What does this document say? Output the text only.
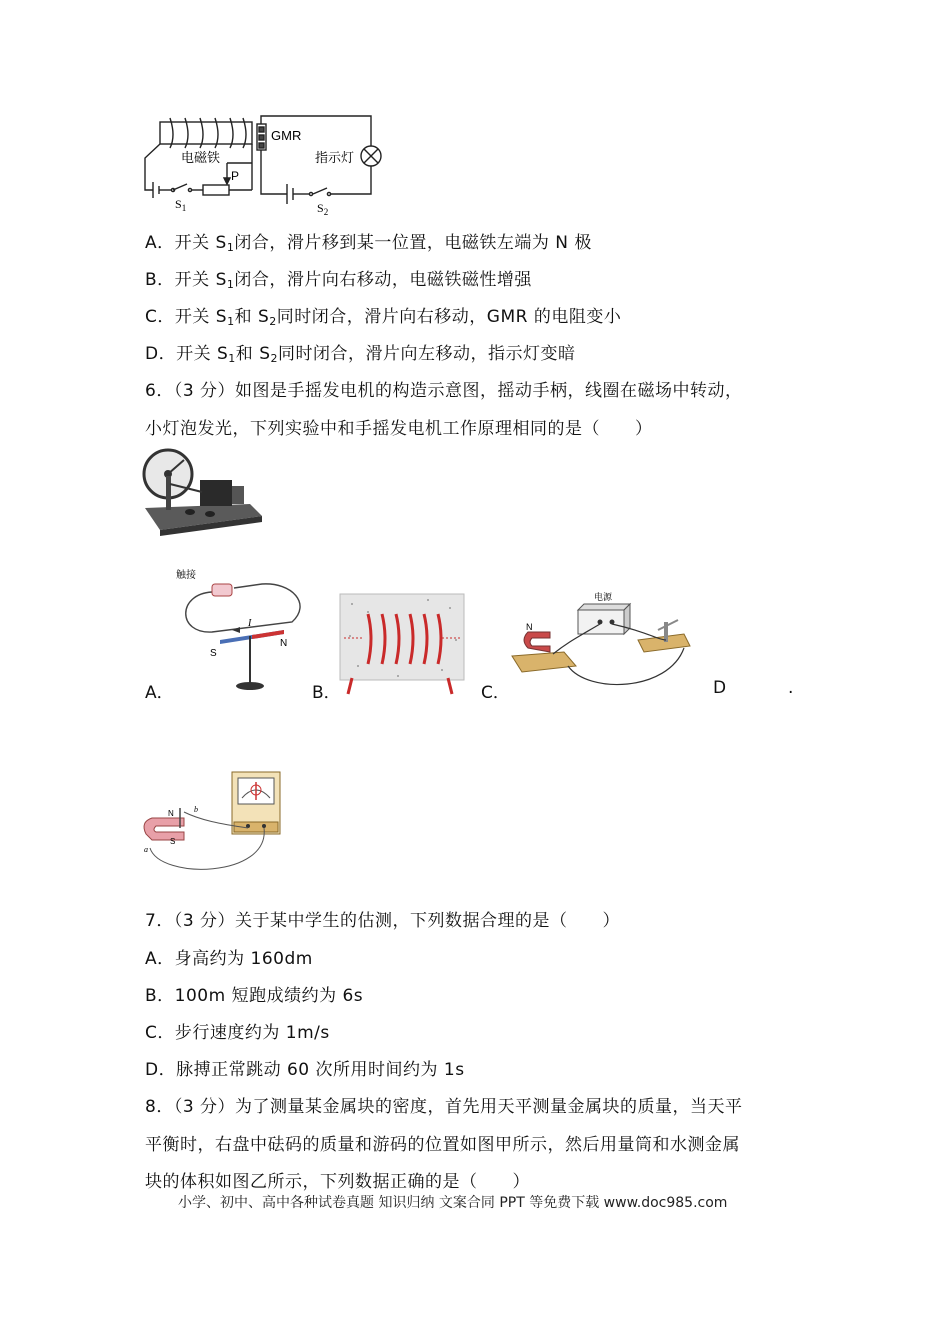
GMR
电磁铁	指示灯
P
$S_1$	$S_2$
A．开关 $S_1$闭合，滑片移到某一位置，电磁铁左端为 N 极
B．开关 $S_1$闭合，滑片向右移动，电磁铁磁性增强
C．开关 $S_1$和 $S_2$同时闭合，滑片向右移动，GMR 的电阻变小
D．开关 $S_1$和 $S_2$同时闭合，滑片向左移动，指示灯变暗
6．（3 分）如图是手摇发电机的构造示意图，摇动手柄，线圈在磁场中转动，
小灯泡发光，下列实验中和手摇发电机工作原理相同的是（　　）
触接
I
S
N
电源
N
A．	B．	C．	D	.
N
S
b
a
7．（3 分）关于某中学生的估测，下列数据合理的是（　　）
A．身高约为 160dm
B．100m 短跑成绩约为 6s
C．步行速度约为 1m/s
D．脉搏正常跳动 60 次所用时间约为 1s
8．（3 分）为了测量某金属块的密度，首先用天平测量金属块的质量，当天平
平衡时，右盘中砝码的质量和游码的位置如图甲所示，然后用量筒和水测金属
块的体积如图乙所示，下列数据正确的是（　　）
小学、初中、高中各种试卷真题 知识归纳 文案合同 PPT 等免费下载 www.doc985.com
